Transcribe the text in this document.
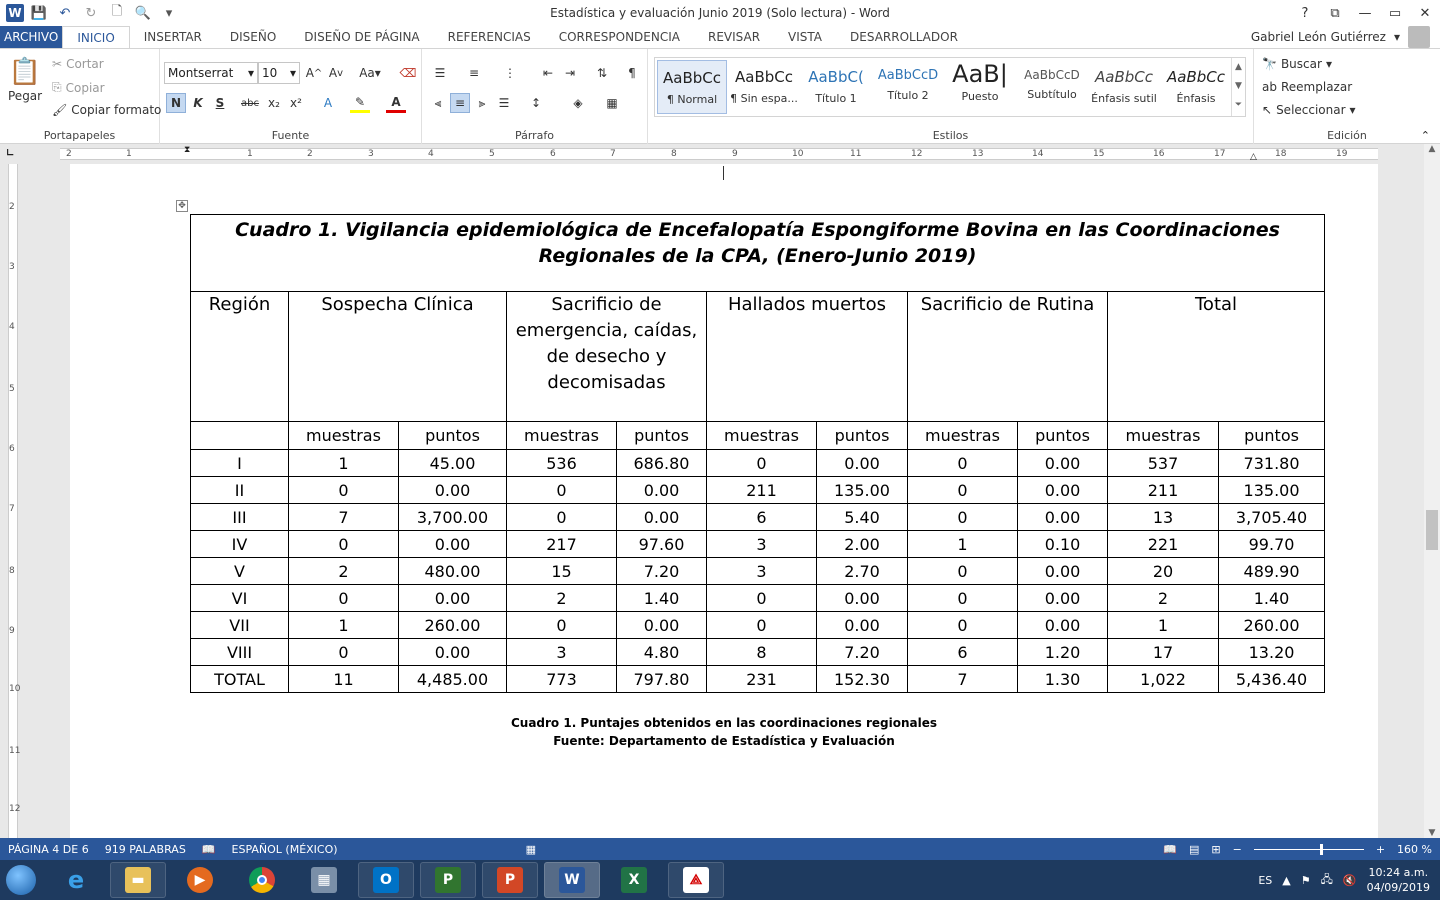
W 💾 ↶	↻	🗋 🔍	▾	Estadística y evaluación Junio 2019 (Solo lectura) - Word	?	⧉	—	▭	✕
ARCHIVO	INICIO	INSERTAR	DISEÑO	DISEÑO DE PÁGINA	REFERENCIAS	CORRESPONDENCIA	REVISAR	VISTA	DESARROLLADOR	Gabriel León Gutiérrez ▾
📋
Pegar
✂ Cortar
⎘ Copiar
🖌 Copiar formato
Portapapeles
Montserrat ▾ 10 ▾ A ^ A v Aa ▾ ⌫
N	K	S	abc x₂ x²	A	✎	A
Fuente
☰	≡	⋮	⇤ ⇥	⇅	¶
⫷	≡	⫸	☰	↕	◈	▦
Párrafo	Estilos
AaBbCc
¶ Normal
AaBbCc
¶ Sin espa...
AaBbC(
Título 1
AaBbCcD
Título 2
AaB|
Puesto
AaBbCcD
Subtítulo
AaBbCc
Énfasis sutil
AaBbCc
Énfasis
▲
▼
⏷
🔭 Buscar ▾
ab Reemplazar
↖ Seleccionar ▾
Edición	⌃
∟	2	1	1	2	3	4	5	6	7	8	9	10	11	12	13	14	15	16	17	18	19
⧗
△
2
3
4
5
6
7
8
9
10
11
12
✥
Cuadro 1. Vigilancia epidemiológica de Encefalopatía Espongiforme Bovina en las Coordinaciones Regionales de la CPA, (Enero-Junio 2019)										
Región	Sospecha Clínica		Sacrificio de emergencia, caídas, de desecho y decomisadas		Hallados muertos		Sacrificio de Rutina		Total	
	muestras	puntos	muestras	puntos	muestras	puntos	muestras	puntos	muestras	puntos
I	1	45.00	536	686.80	0	0.00	0	0.00	537	731.80
II	0	0.00	0	0.00	211	135.00	0	0.00	211	135.00
III	7	3,700.00	0	0.00	6	5.40	0	0.00	13	3,705.40
IV	0	0.00	217	97.60	3	2.00	1	0.10	221	99.70
V	2	480.00	15	7.20	3	2.70	0	0.00	20	489.90
VI	0	0.00	2	1.40	0	0.00	0	0.00	2	1.40
VII	1	260.00	0	0.00	0	0.00	0	0.00	1	260.00
VIII	0	0.00	3	4.80	8	7.20	6	1.20	17	13.20
TOTAL	11	4,485.00	773	797.80	231	152.30	7	1.30	1,022	5,436.40
Cuadro 1. Puntajes obtenidos en las coordinaciones regionales
Fuente: Departamento de Estadística y Evaluación
▲
▼
PÁGINA 4 DE 6 919 PALABRAS 📖 ESPAÑOL (MÉXICO)	▦	📖 ▤ ⊞ −	+ 160 %
e	▬	▶	▦	O	P	P	W	X	⟁	ES ▲ ⚑ 🖧 🔇
10:24 a.m.
04/09/2019
